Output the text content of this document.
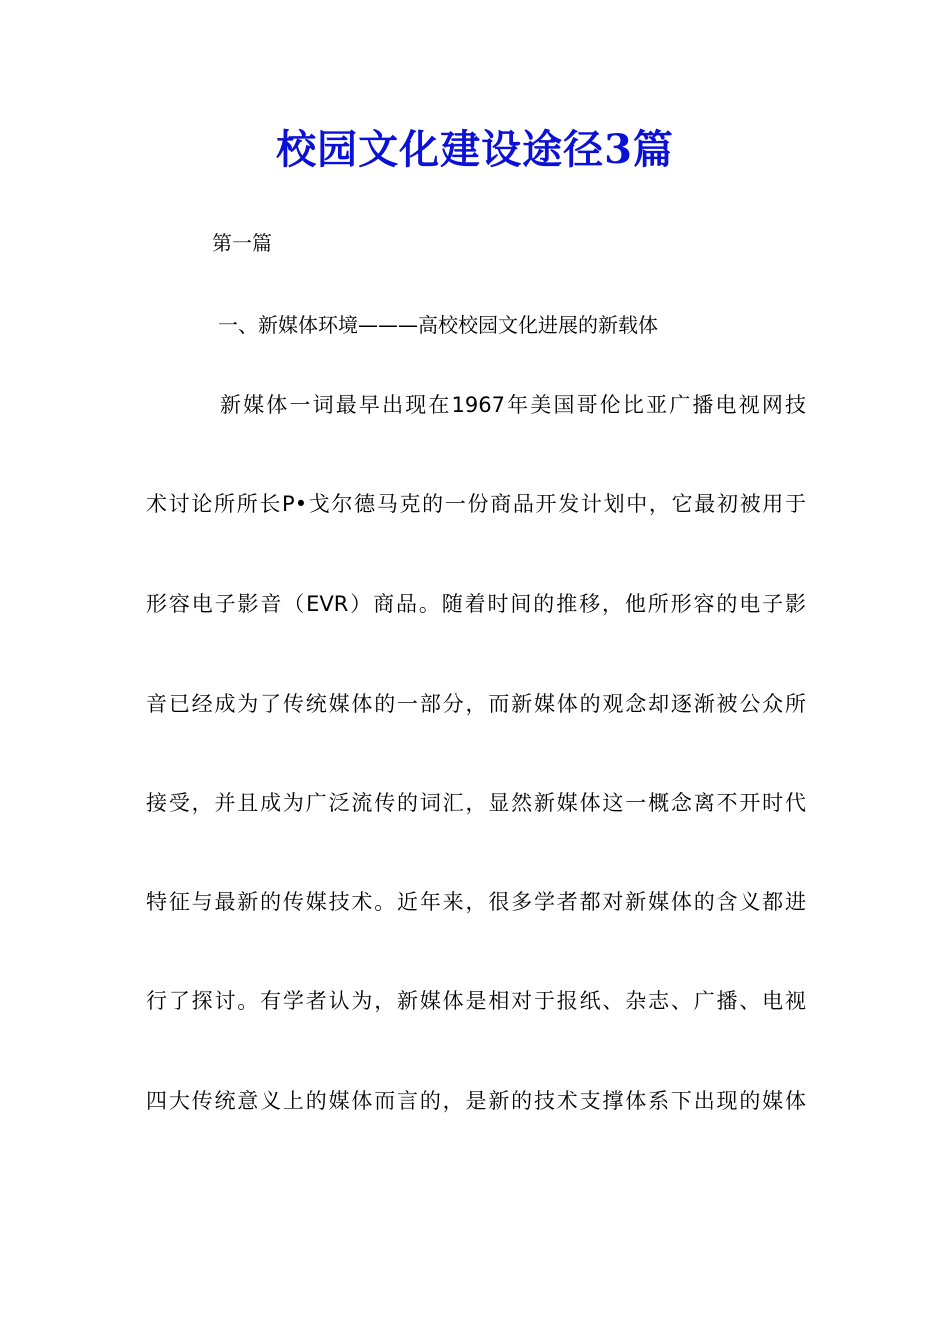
校园文化建设途径3篇
第一篇
一、新媒体环境———高校校园文化进展的新载体
新媒体一词最早出现在1967年美国哥伦比亚广播电视网技
术讨论所所长P•戈尔德马克的一份商品开发计划中，它最初被用于
形容电子影音（EVR）商品。随着时间的推移，他所形容的电子影
音已经成为了传统媒体的一部分，而新媒体的观念却逐渐被公众所
接受，并且成为广泛流传的词汇，显然新媒体这一概念离不开时代
特征与最新的传媒技术。近年来，很多学者都对新媒体的含义都进
行了探讨。有学者认为，新媒体是相对于报纸、杂志、广播、电视
四大传统意义上的媒体而言的，是新的技术支撑体系下出现的媒体
